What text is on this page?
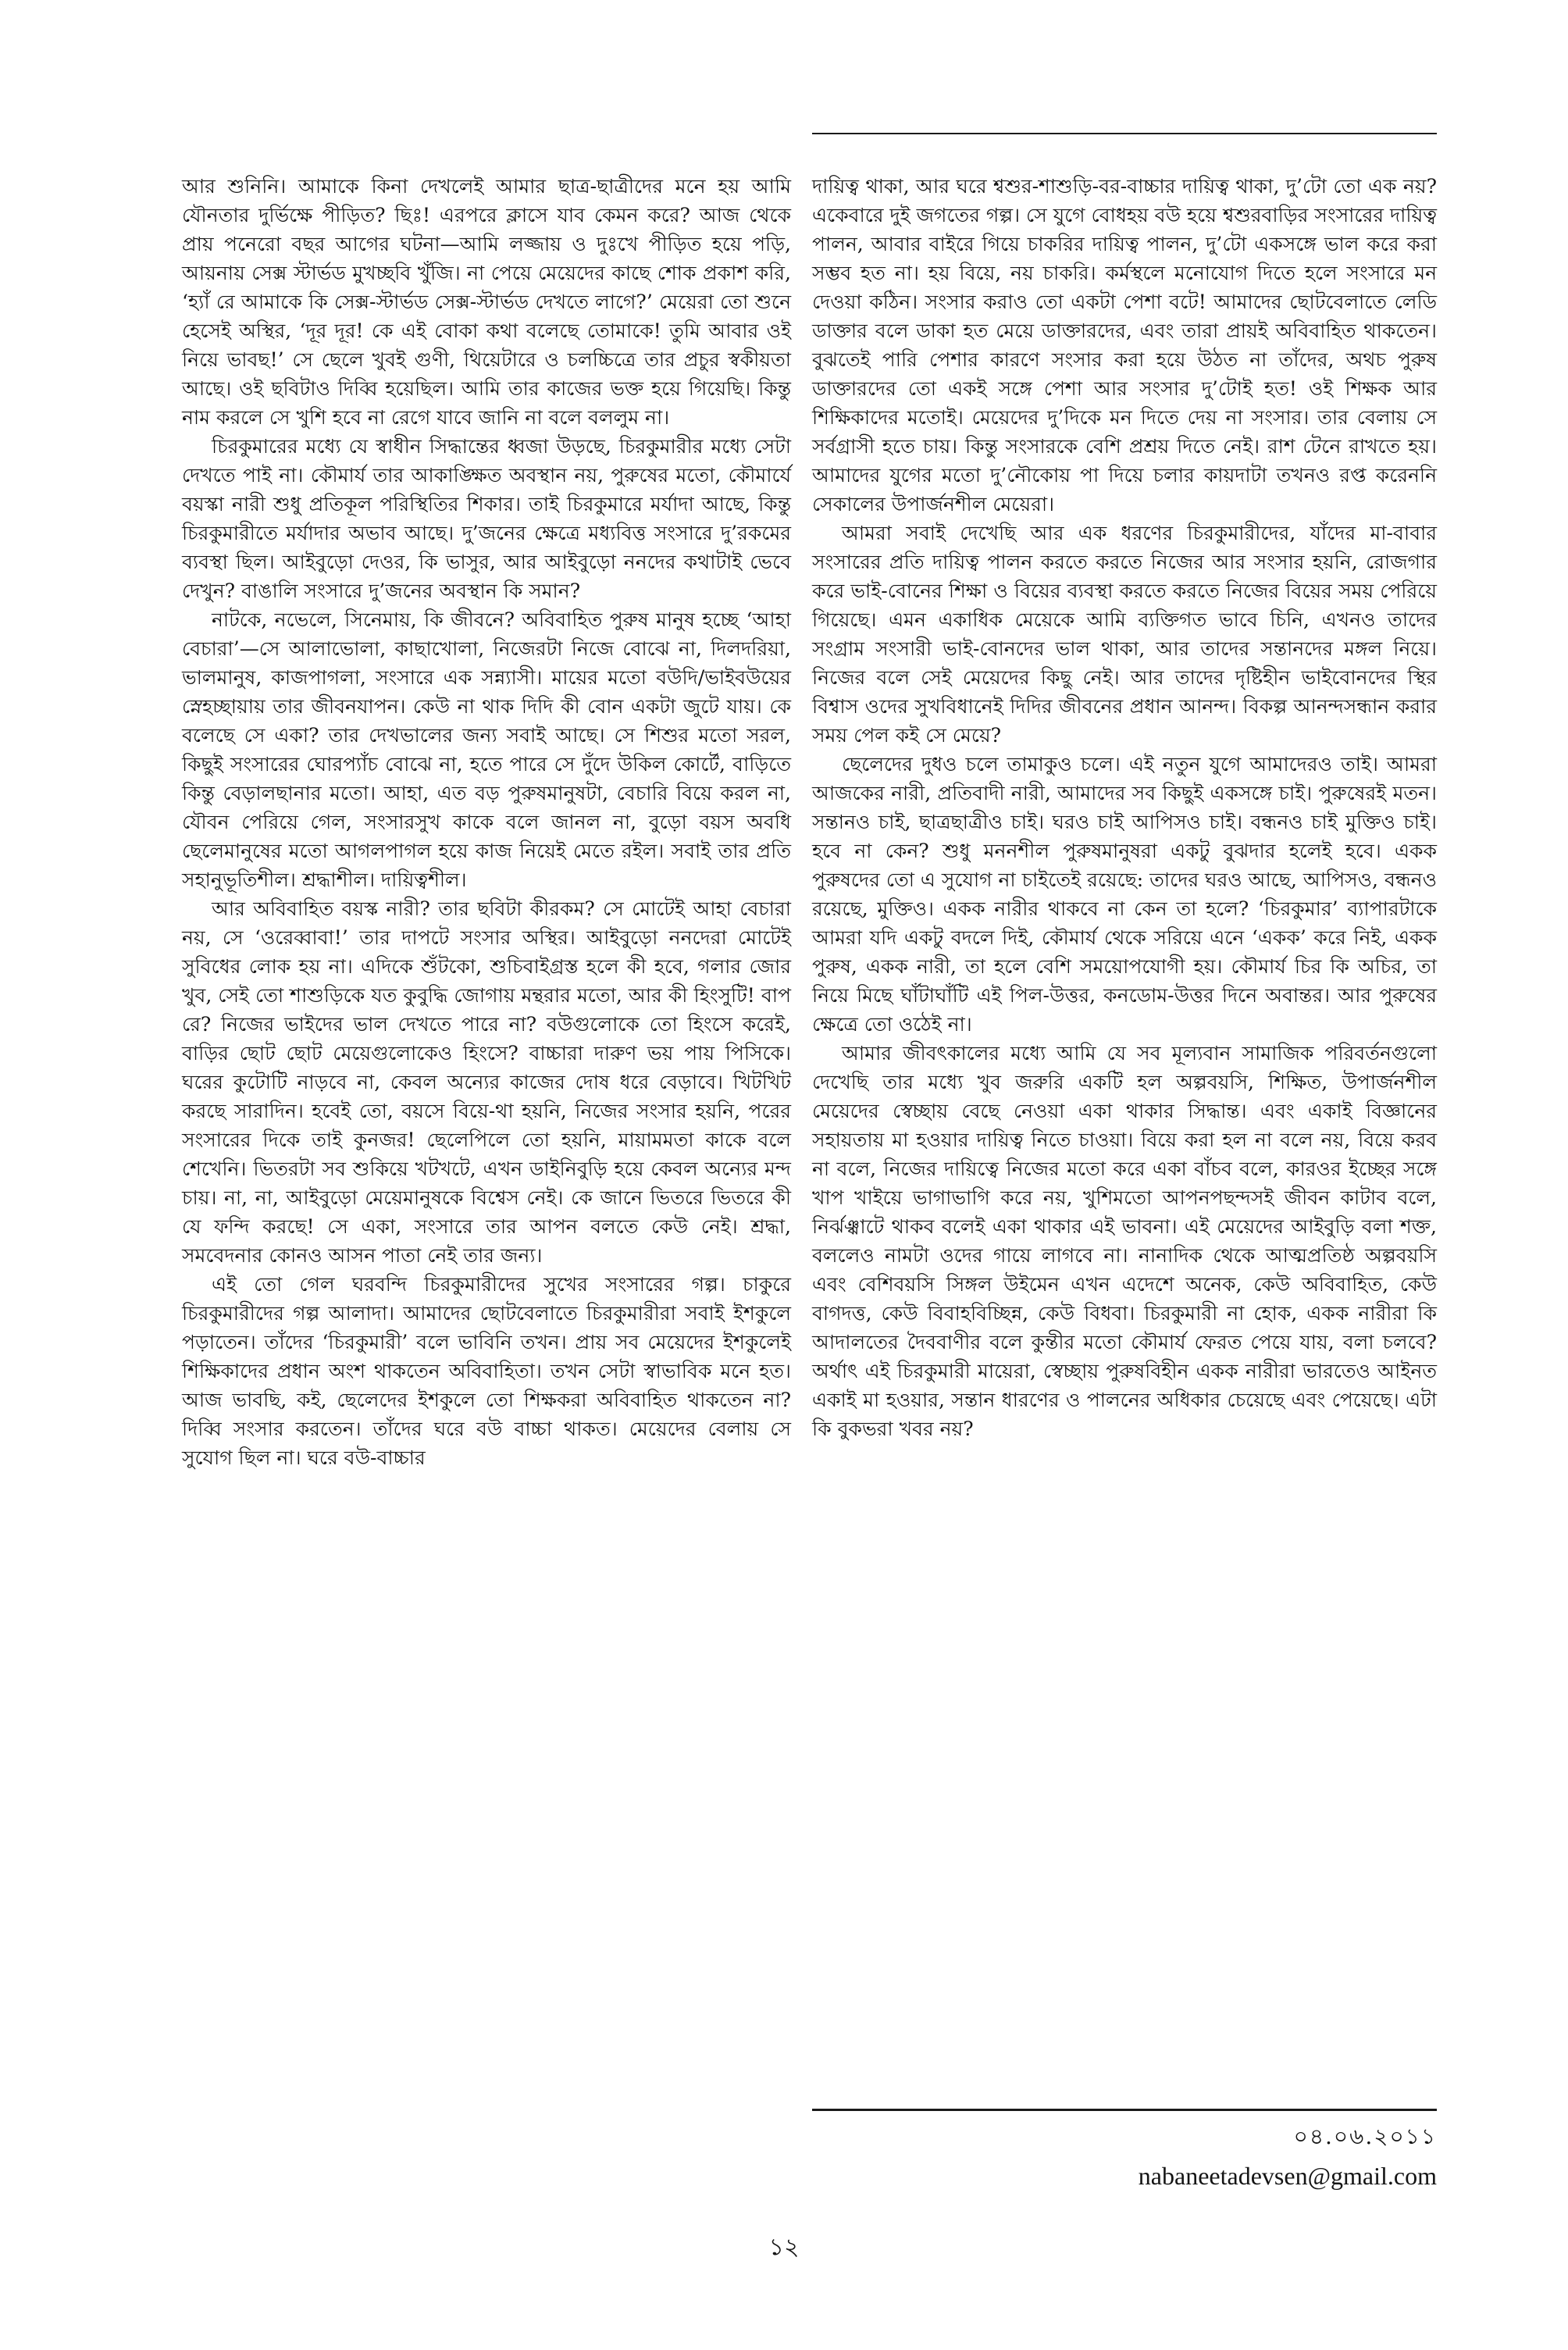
আর শুনিনি। আমাকে কিনা দেখলেই আমার ছাত্র-ছাত্রীদের মনে হয় আমি যৌনতার দুর্ভিক্ষে পীড়িত? ছিঃ! এরপরে ক্লাসে যাব কেমন করে? আজ থেকে প্রায় পনেরো বছর আগের ঘটনা—আমি লজ্জায় ও দুঃখে পীড়িত হয়ে পড়ি, আয়নায় সেক্স স্টার্ভড মুখচ্ছবি খুঁজি। না পেয়ে মেয়েদের কাছে শোক প্রকাশ করি, ‘হ্যাঁ রে আমাকে কি সেক্স-স্টার্ভড সেক্স-স্টার্ভড দেখতে লাগে?’ মেয়েরা তো শুনে হেসেই অস্থির, ‘দূর দূর! কে এই বোকা কথা বলেছে তোমাকে! তুমি আবার ওই নিয়ে ভাবছ!’ সে ছেলে খুবই গুণী, থিয়েটারে ও চলচ্চিত্রে তার প্রচুর স্বকীয়তা আছে। ওই ছবিটাও দিব্বি হয়েছিল। আমি তার কাজের ভক্ত হয়ে গিয়েছি। কিন্তু নাম করলে সে খুশি হবে না রেগে যাবে জানি না বলে বললুম না।

চিরকুমারের মধ্যে যে স্বাধীন সিদ্ধান্তের ধ্বজা উড়ছে, চিরকুমারীর মধ্যে সেটা দেখতে পাই না। কৌমার্য তার আকাঙ্ক্ষিত অবস্থান নয়, পুরুষের মতো, কৌমার্যে বয়স্কা নারী শুধু প্রতিকূল পরিস্থিতির শিকার। তাই চিরকুমারে মর্যাদা আছে, কিন্তু চিরকুমারীতে মর্যাদার অভাব আছে। দু’জনের ক্ষেত্রে মধ্যবিত্ত সংসারে দু’রকমের ব্যবস্থা ছিল। আইবুড়ো দেওর, কি ভাসুর, আর আইবুড়ো ননদের কথাটাই ভেবে দেখুন? বাঙালি সংসারে দু’জনের অবস্থান কি সমান?

নাটকে, নভেলে, সিনেমায়, কি জীবনে? অবিবাহিত পুরুষ মানুষ হচ্ছে ‘আহা বেচারা’—সে আলাভোলা, কাছাখোলা, নিজেরটা নিজে বোঝে না, দিলদরিয়া, ভালমানুষ, কাজপাগলা, সংসারে এক সন্ন্যাসী। মায়ের মতো বউদি/ভাইবউয়ের স্নেহচ্ছায়ায় তার জীবনযাপন। কেউ না থাক দিদি কী বোন একটা জুটে যায়। কে বলেছে সে একা? তার দেখভালের জন্য সবাই আছে। সে শিশুর মতো সরল, কিছুই সংসারের ঘোরপ্যাঁচ বোঝে না, হতে পারে সে দুঁদে উকিল কোর্টে, বাড়িতে কিন্তু বেড়ালছানার মতো। আহা, এত বড় পুরুষমানুষটা, বেচারি বিয়ে করল না, যৌবন পেরিয়ে গেল, সংসারসুখ কাকে বলে জানল না, বুড়ো বয়স অবধি ছেলেমানুষের মতো আগলপাগল হয়ে কাজ নিয়েই মেতে রইল। সবাই তার প্রতি সহানুভূতিশীল। শ্রদ্ধাশীল। দায়িত্বশীল।

আর অবিবাহিত বয়স্ক নারী? তার ছবিটা কীরকম? সে মোটেই আহা বেচারা নয়, সে ‘ওরেব্বাবা!’ তার দাপটে সংসার অস্থির। আইবুড়ো ননদেরা মোটেই সুবিধের লোক হয় না। এদিকে শুঁটকো, শুচিবাইগ্রস্ত হলে কী হবে, গলার জোর খুব, সেই তো শাশুড়িকে যত কুবুদ্ধি জোগায় মন্থরার মতো, আর কী হিংসুটি! বাপ রে? নিজের ভাইদের ভাল দেখতে পারে না? বউগুলোকে তো হিংসে করেই, বাড়ির ছোট ছোট মেয়েগুলোকেও হিংসে? বাচ্চারা দারুণ ভয় পায় পিসিকে। ঘরের কুটোটি নাড়বে না, কেবল অন্যের কাজের দোষ ধরে বেড়াবে। খিটখিট করছে সারাদিন। হবেই তো, বয়সে বিয়ে-থা হয়নি, নিজের সংসার হয়নি, পরের সংসারের দিকে তাই কুনজর! ছেলেপিলে তো হয়নি, মায়ামমতা কাকে বলে শেখেনি। ভিতরটা সব শুকিয়ে খটখটে, এখন ডাইনিবুড়ি হয়ে কেবল অন্যের মন্দ চায়। না, না, আইবুড়ো মেয়েমানুষকে বিশ্বেস নেই। কে জানে ভিতরে ভিতরে কী যে ফন্দি করছে! সে একা, সংসারে তার আপন বলতে কেউ নেই। শ্রদ্ধা, সমবেদনার কোনও আসন পাতা নেই তার জন্য।

এই তো গেল ঘরবন্দি চিরকুমারীদের সুখের সংসারের গল্প। চাকুরে চিরকুমারীদের গল্প আলাদা। আমাদের ছোটবেলাতে চিরকুমারীরা সবাই ইশকুলে পড়াতেন। তাঁদের ‘চিরকুমারী’ বলে ভাবিনি তখন। প্রায় সব মেয়েদের ইশকুলেই শিক্ষিকাদের প্রধান অংশ থাকতেন অবিবাহিতা। তখন সেটা স্বাভাবিক মনে হত। আজ ভাবছি, কই, ছেলেদের ইশকুলে তো শিক্ষকরা অবিবাহিত থাকতেন না? দিব্বি সংসার করতেন। তাঁদের ঘরে বউ বাচ্চা থাকত। মেয়েদের বেলায় সে সুযোগ ছিল না। ঘরে বউ-বাচ্চার

দায়িত্ব থাকা, আর ঘরে শ্বশুর-শাশুড়ি-বর-বাচ্চার দায়িত্ব থাকা, দু’টো তো এক নয়? একেবারে দুই জগতের গল্প। সে যুগে বোধহয় বউ হয়ে শ্বশুরবাড়ির সংসারের দায়িত্ব পালন, আবার বাইরে গিয়ে চাকরির দায়িত্ব পালন, দু’টো একসঙ্গে ভাল করে করা সম্ভব হত না। হয় বিয়ে, নয় চাকরি। কর্মস্থলে মনোযোগ দিতে হলে সংসারে মন দেওয়া কঠিন। সংসার করাও তো একটা পেশা বটে! আমাদের ছোটবেলাতে লেডি ডাক্তার বলে ডাকা হত মেয়ে ডাক্তারদের, এবং তারা প্রায়ই অবিবাহিত থাকতেন। বুঝতেই পারি পেশার কারণে সংসার করা হয়ে উঠত না তাঁদের, অথচ পুরুষ ডাক্তারদের তো একই সঙ্গে পেশা আর সংসার দু’টোই হত! ওই শিক্ষক আর শিক্ষিকাদের মতোই। মেয়েদের দু’দিকে মন দিতে দেয় না সংসার। তার বেলায় সে সর্বগ্রাসী হতে চায়। কিন্তু সংসারকে বেশি প্রশ্রয় দিতে নেই। রাশ টেনে রাখতে হয়। আমাদের যুগের মতো দু’নৌকোয় পা দিয়ে চলার কায়দাটা তখনও রপ্ত করেননি সেকালের উপার্জনশীল মেয়েরা।

আমরা সবাই দেখেছি আর এক ধরণের চিরকুমারীদের, যাঁদের মা-বাবার সংসারের প্রতি দায়িত্ব পালন করতে করতে নিজের আর সংসার হয়নি, রোজগার করে ভাই-বোনের শিক্ষা ও বিয়ের ব্যবস্থা করতে করতে নিজের বিয়ের সময় পেরিয়ে গিয়েছে। এমন একাধিক মেয়েকে আমি ব্যক্তিগত ভাবে চিনি, এখনও তাদের সংগ্রাম সংসারী ভাই-বোনদের ভাল থাকা, আর তাদের সন্তানদের মঙ্গল নিয়ে। নিজের বলে সেই মেয়েদের কিছু নেই। আর তাদের দৃষ্টিহীন ভাইবোনদের স্থির বিশ্বাস ওদের সুখবিধানেই দিদির জীবনের প্রধান আনন্দ। বিকল্প আনন্দসন্ধান করার সময় পেল কই সে মেয়ে?

ছেলেদের দুধও চলে তামাকুও চলে। এই নতুন যুগে আমাদেরও তাই। আমরা আজকের নারী, প্রতিবাদী নারী, আমাদের সব কিছুই একসঙ্গে চাই। পুরুষেরই মতন। সন্তানও চাই, ছাত্রছাত্রীও চাই। ঘরও চাই আপিসও চাই। বন্ধনও চাই মুক্তিও চাই। হবে না কেন? শুধু মননশীল পুরুষমানুষরা একটু বুঝদার হলেই হবে। একক পুরুষদের তো এ সুযোগ না চাইতেই রয়েছে: তাদের ঘরও আছে, আপিসও, বন্ধনও রয়েছে, মুক্তিও। একক নারীর থাকবে না কেন তা হলে? ‘চিরকুমার’ ব্যাপারটাকে আমরা যদি একটু বদলে দিই, কৌমার্য থেকে সরিয়ে এনে ‘একক’ করে নিই, একক পুরুষ, একক নারী, তা হলে বেশি সময়োপযোগী হয়। কৌমার্য চির কি অচির, তা নিয়ে মিছে ঘাঁটাঘাঁটি এই পিল-উত্তর, কনডোম-উত্তর দিনে অবান্তর। আর পুরুষের ক্ষেত্রে তো ওঠেই না।

আমার জীবৎকালের মধ্যে আমি যে সব মূল্যবান সামাজিক পরিবর্তনগুলো দেখেছি তার মধ্যে খুব জরুরি একটি হল অল্পবয়সি, শিক্ষিত, উপার্জনশীল মেয়েদের স্বেচ্ছায় বেছে নেওয়া একা থাকার সিদ্ধান্ত। এবং একাই বিজ্ঞানের সহায়তায় মা হওয়ার দায়িত্ব নিতে চাওয়া। বিয়ে করা হল না বলে নয়, বিয়ে করব না বলে, নিজের দায়িত্বে নিজের মতো করে একা বাঁচব বলে, কারওর ইচ্ছের সঙ্গে খাপ খাইয়ে ভাগাভাগি করে নয়, খুশিমতো আপনপছন্দসই জীবন কাটাব বলে, নির্ঝঞ্ঝাটে থাকব বলেই একা থাকার এই ভাবনা। এই মেয়েদের আইবুড়ি বলা শক্ত, বললেও নামটা ওদের গায়ে লাগবে না। নানাদিক থেকে আত্মপ্রতিষ্ঠ অল্পবয়সি এবং বেশিবয়সি সিঙ্গল উইমেন এখন এদেশে অনেক, কেউ অবিবাহিত, কেউ বাগদত্ত, কেউ বিবাহবিচ্ছিন্ন, কেউ বিধবা। চিরকুমারী না হোক, একক নারীরা কি আদালতের দৈববাণীর বলে কুন্তীর মতো কৌমার্য ফেরত পেয়ে যায়, বলা চলবে? অর্থাৎ এই চিরকুমারী মায়েরা, স্বেচ্ছায় পুরুষবিহীন একক নারীরা ভারতেও আইনত একাই মা হওয়ার, সন্তান ধারণের ও পালনের অধিকার চেয়েছে এবং পেয়েছে। এটা কি বুকভরা খবর নয়?

০৪.০৬.২০১১
nabaneetadevsen@gmail.com
১২
